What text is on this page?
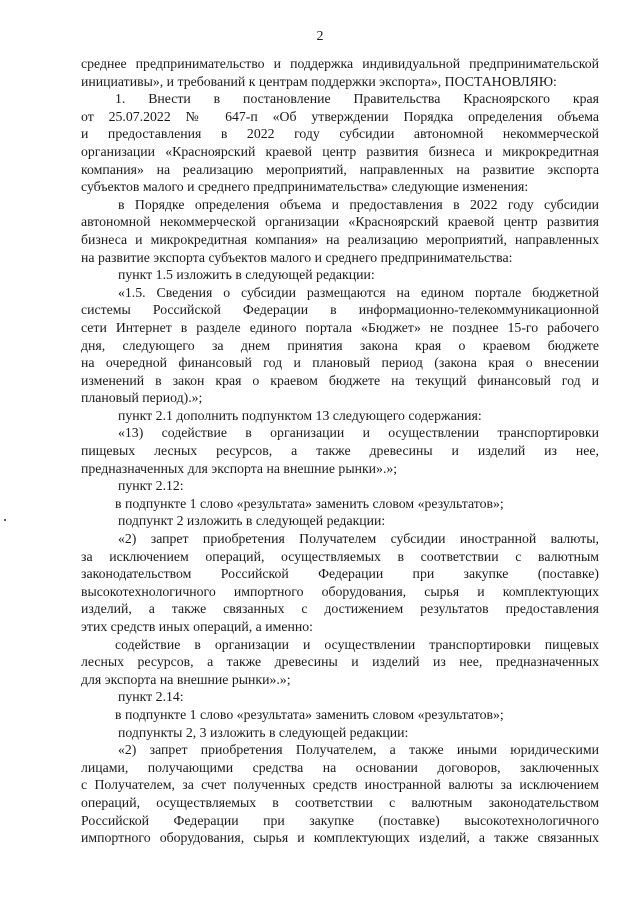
2
среднее предпринимательство и поддержка индивидуальной предпринимательской
инициативы», и требований к центрам поддержки экспорта», ПОСТАНОВЛЯЮ:
1. Внести в постановление Правительства Красноярского края
от 25.07.2022 № 647-п «Об утверждении Порядка определения объема
и предоставления в 2022 году субсидии автономной некоммерческой
организации «Красноярский краевой центр развития бизнеса и микрокредитная
компания» на реализацию мероприятий, направленных на развитие экспорта
субъектов малого и среднего предпринимательства» следующие изменения:
в Порядке определения объема и предоставления в 2022 году субсидии
автономной некоммерческой организации «Красноярский краевой центр развития
бизнеса и микрокредитная компания» на реализацию мероприятий, направленных
на развитие экспорта субъектов малого и среднего предпринимательства:
пункт 1.5 изложить в следующей редакции:
«1.5. Сведения о субсидии размещаются на едином портале бюджетной
системы Российской Федерации в информационно-телекоммуникационной
сети Интернет в разделе единого портала «Бюджет» не позднее 15-го рабочего
дня, следующего за днем принятия закона края о краевом бюджете
на очередной финансовый год и плановый период (закона края о внесении
изменений в закон края о краевом бюджете на текущий финансовый год и
плановый период).»;
пункт 2.1 дополнить подпунктом 13 следующего содержания:
«13) содействие в организации и осуществлении транспортировки
пищевых лесных ресурсов, а также древесины и изделий из нее,
предназначенных для экспорта на внешние рынки».»;
пункт 2.12:
в подпункте 1 слово «результата» заменить словом «результатов»;
подпункт 2 изложить в следующей редакции:
«2) запрет приобретения Получателем субсидии иностранной валюты,
за исключением операций, осуществляемых в соответствии с валютным
законодательством Российской Федерации при закупке (поставке)
высокотехнологичного импортного оборудования, сырья и комплектующих
изделий, а также связанных с достижением результатов предоставления
этих средств иных операций, а именно:
содействие в организации и осуществлении транспортировки пищевых
лесных ресурсов, а также древесины и изделий из нее, предназначенных
для экспорта на внешние рынки».»;
пункт 2.14:
в подпункте 1 слово «результата» заменить словом «результатов»;
подпункты 2, 3 изложить в следующей редакции:
«2) запрет приобретения Получателем, а также иными юридическими
лицами, получающими средства на основании договоров, заключенных
с Получателем, за счет полученных средств иностранной валюты за исключением
операций, осуществляемых в соответствии с валютным законодательством
Российской Федерации при закупке (поставке) высокотехнологичного
импортного оборудования, сырья и комплектующих изделий, а также связанных
